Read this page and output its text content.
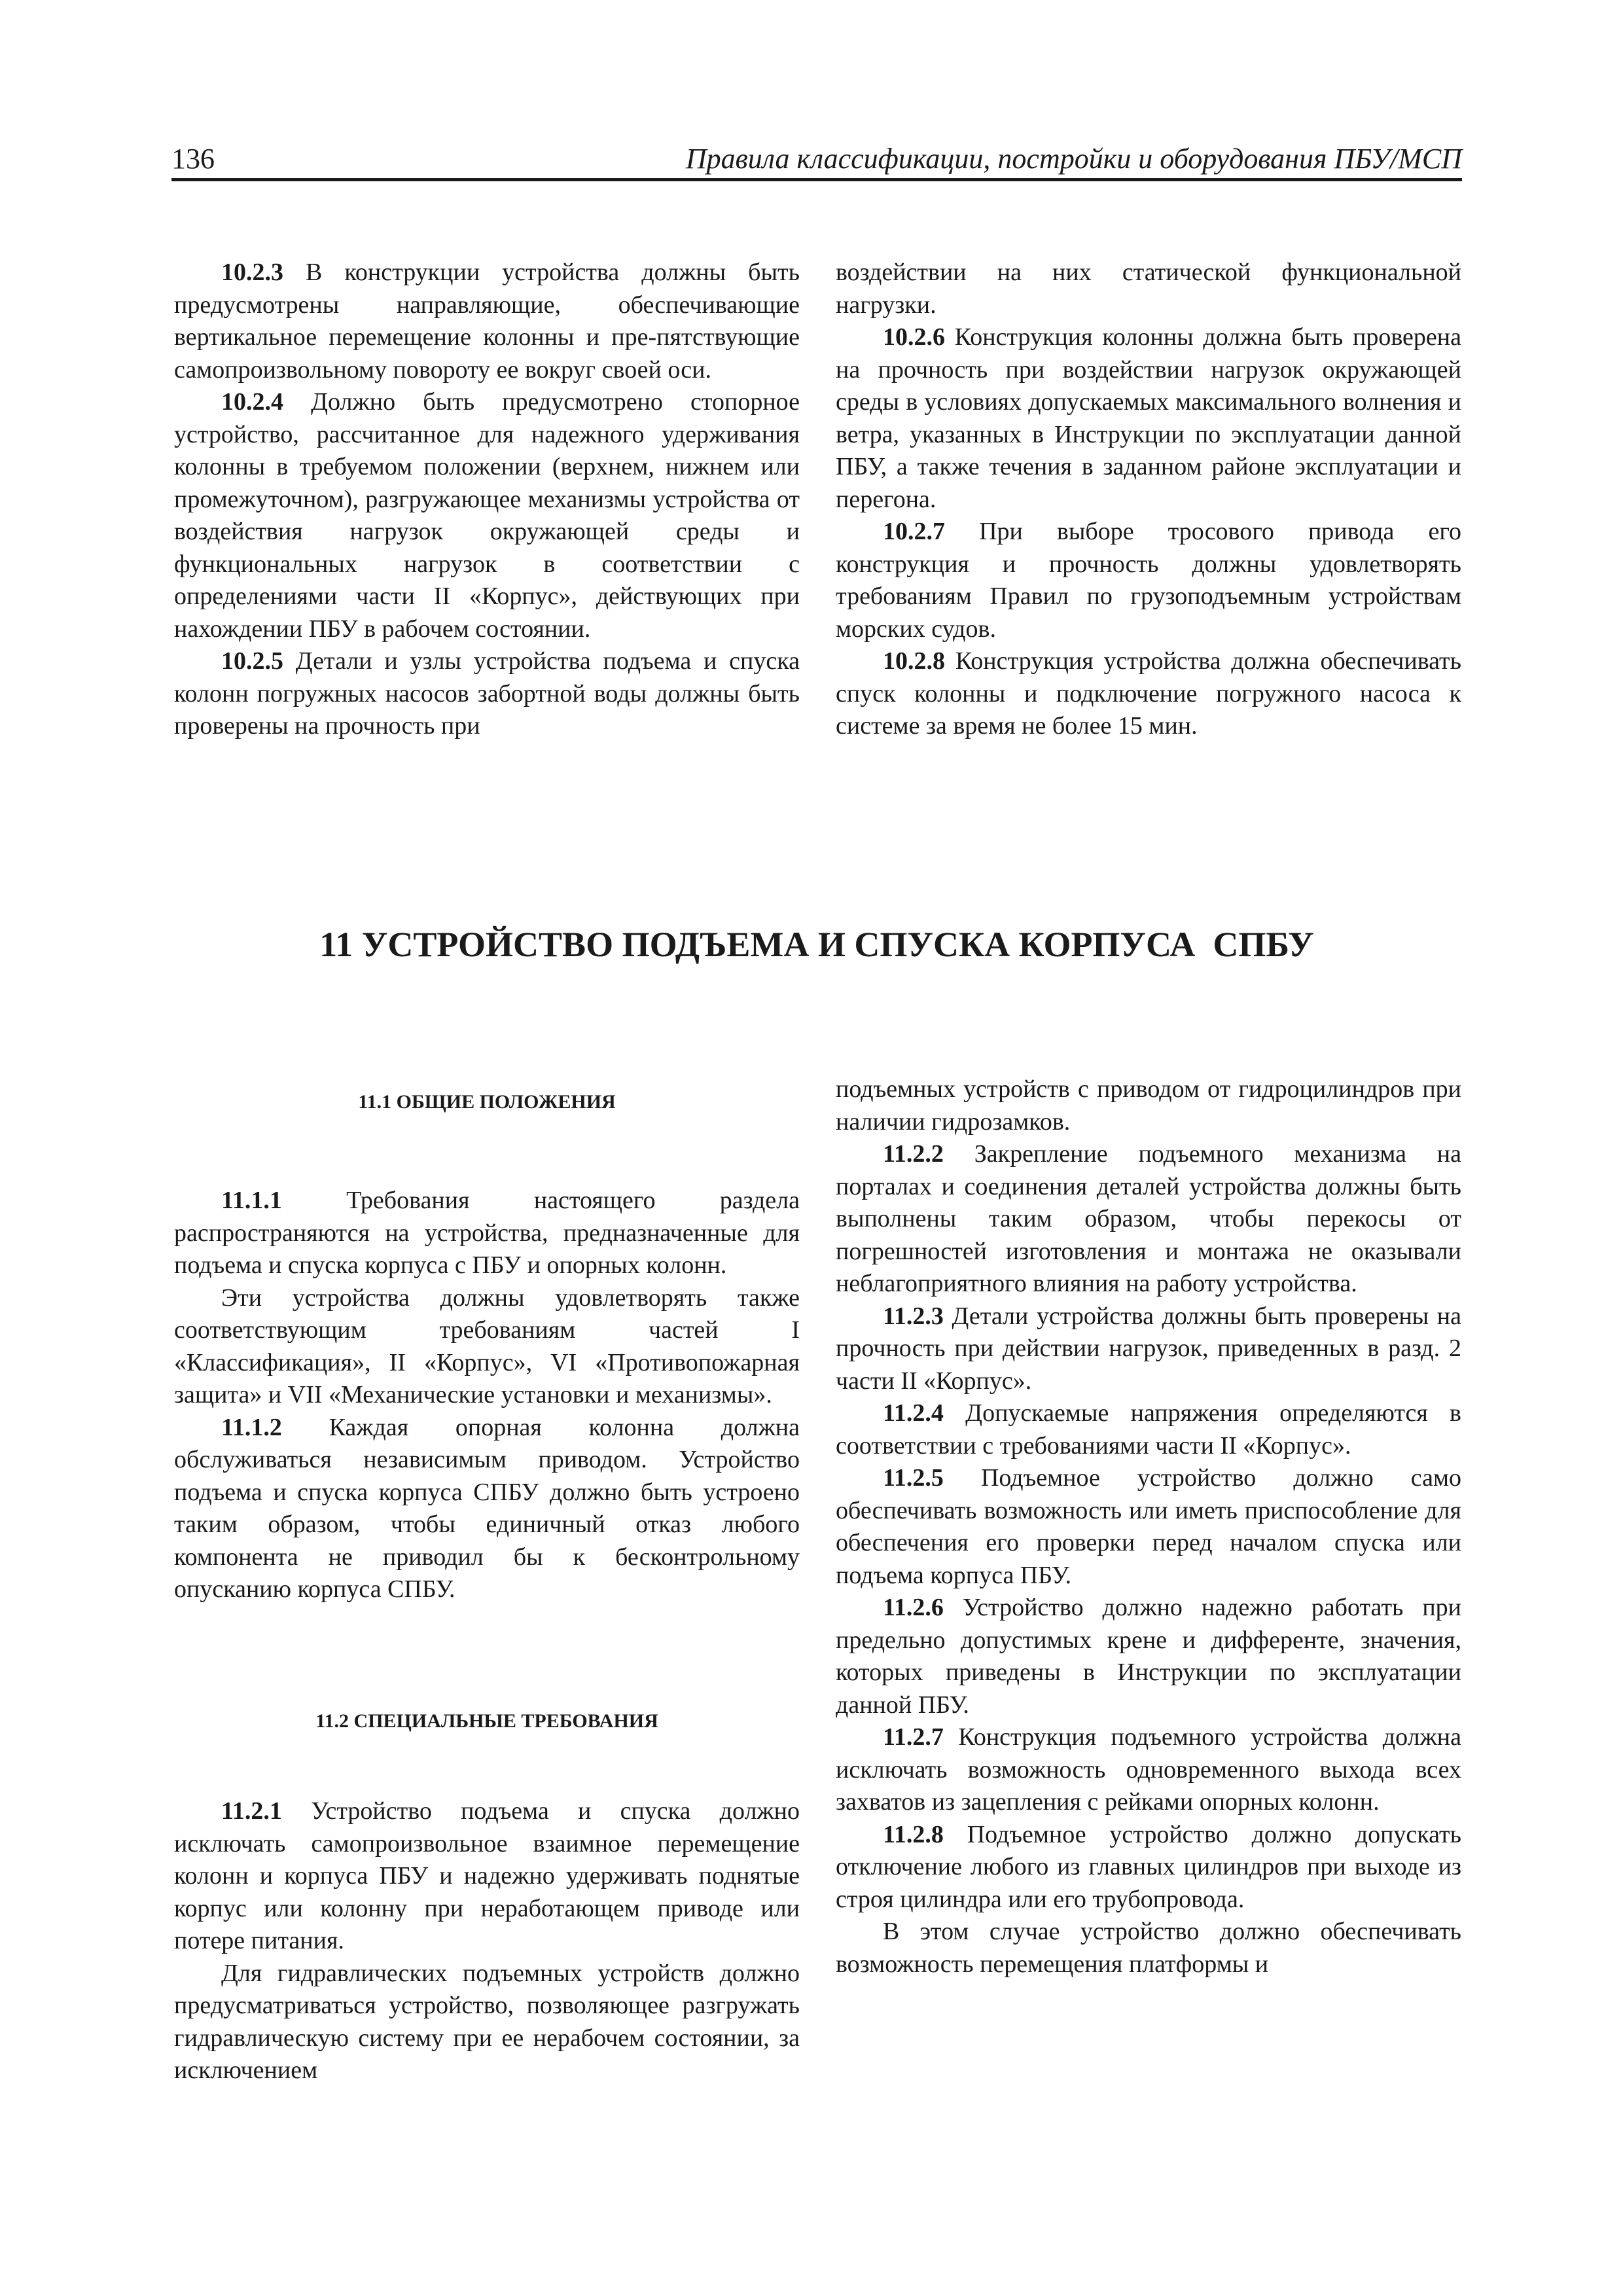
136	Правила классификации, постройки и оборудования ПБУ/МСП

10.2.3 В конструкции устройства должны быть предусмотрены направляющие, обеспечивающие вертикальное перемещение колонны и пре-пятствующие самопроизвольному повороту ее вокруг своей оси.

10.2.4 Должно быть предусмотрено стопорное устройство, рассчитанное для надежного удерживания колонны в требуемом положении (верхнем, нижнем или промежуточном), разгружающее механизмы устройства от воздействия нагрузок окружающей среды и функциональных нагрузок в соответствии с определениями части II «Корпус», действующих при нахождении ПБУ в рабочем состоянии.

10.2.5 Детали и узлы устройства подъема и спуска колонн погружных насосов забортной воды должны быть проверены на прочность при

воздействии на них статической функциональной нагрузки.

10.2.6 Конструкция колонны должна быть проверена на прочность при воздействии нагрузок окружающей среды в условиях допускаемых максимального волнения и ветра, указанных в Инструкции по эксплуатации данной ПБУ, а также течения в заданном районе эксплуатации и перегона.

10.2.7 При выборе тросового привода его конструкция и прочность должны удовлетворять требованиям Правил по грузоподъемным устройствам морских судов.

10.2.8 Конструкция устройства должна обеспечивать спуск колонны и подключение погружного насоса к системе за время не более 15 мин.

11 УСТРОЙСТВО ПОДЪЕМА И СПУСКА КОРПУСА  СПБУ
11.1 ОБЩИЕ ПОЛОЖЕНИЯ

11.1.1 Требования настоящего раздела распространяются на устройства, предназначенные для подъема и спуска корпуса с ПБУ и опорных колонн.

Эти устройства должны удовлетворять также соответствующим требованиям частей I «Классификация», II «Корпус», VI «Противопожарная защита» и VII «Механические установки и механизмы».

11.1.2 Каждая опорная колонна должна обслуживаться независимым приводом. Устройство подъема и спуска корпуса СПБУ должно быть устроено таким образом, чтобы единичный отказ любого компонента не приводил бы к бесконтрольному опусканию корпуса СПБУ.

11.2 СПЕЦИАЛЬНЫЕ ТРЕБОВАНИЯ

11.2.1 Устройство подъема и спуска должно исключать самопроизвольное взаимное перемещение колонн и корпуса ПБУ и надежно удерживать поднятые корпус или колонну при неработающем приводе или потере питания.

Для гидравлических подъемных устройств должно предусматриваться устройство, позволяющее разгружать гидравлическую систему при ее нерабочем состоянии, за исключением

подъемных устройств с приводом от гидроцилиндров при наличии гидрозамков.

11.2.2 Закрепление подъемного механизма на порталах и соединения деталей устройства должны быть выполнены таким образом, чтобы перекосы от погрешностей изготовления и монтажа не оказывали неблагоприятного влияния на работу устройства.

11.2.3 Детали устройства должны быть проверены на прочность при действии нагрузок, приведенных в разд. 2 части II «Корпус».

11.2.4 Допускаемые напряжения определяются в соответствии с требованиями части II «Корпус».

11.2.5 Подъемное устройство должно само обеспечивать возможность или иметь приспособление для обеспечения его проверки перед началом спуска или подъема корпуса ПБУ.

11.2.6 Устройство должно надежно работать при предельно допустимых крене и дифференте, значения, которых приведены в Инструкции по эксплуатации данной ПБУ.

11.2.7 Конструкция подъемного устройства должна исключать возможность одновременного выхода всех захватов из зацепления с рейками опорных колонн.

11.2.8 Подъемное устройство должно допускать отключение любого из главных цилиндров при выходе из строя цилиндра или его трубопровода.

В этом случае устройство должно обеспечивать возможность перемещения платформы и
